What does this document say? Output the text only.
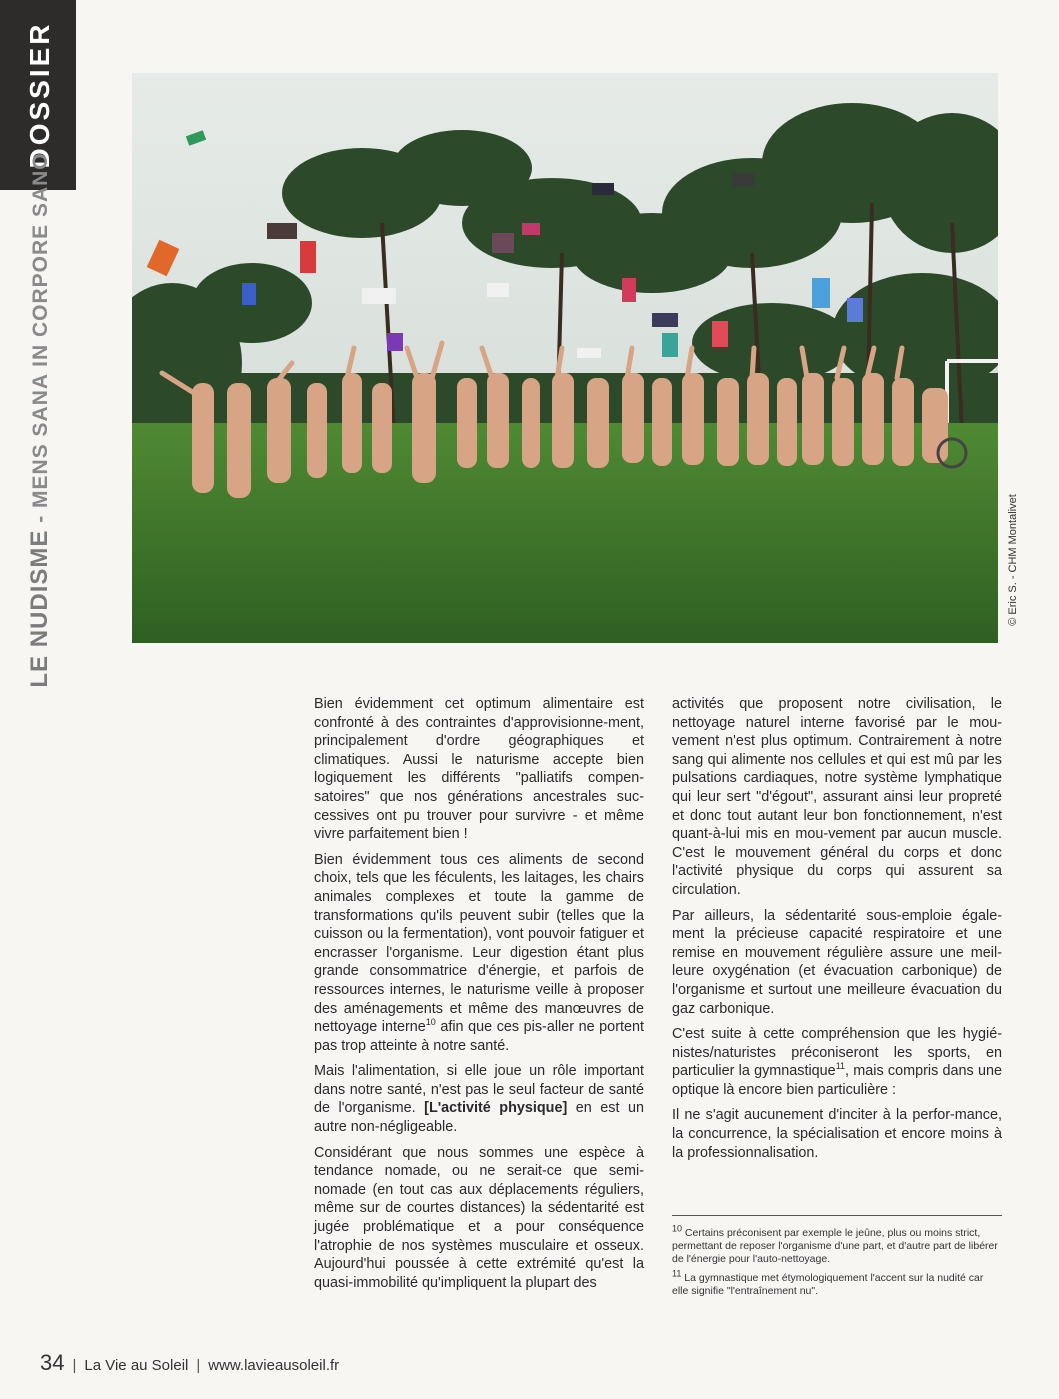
DOSSIER
LE NUDISME - MENS SANA IN CORPORE SANO
© Eric S. - CHM Montalivet

Bien évidemment cet optimum alimentaire est confronté à des contraintes d'approvisionne-ment, principalement d'ordre géographiques et climatiques. Aussi le naturisme accepte bien logiquement les différents "palliatifs compen-satoires" que nos générations ancestrales suc-cessives ont pu trouver pour survivre - et même vivre parfaitement bien !

Bien évidemment tous ces aliments de second choix, tels que les féculents, les laitages, les chairs animales complexes et toute la gamme de transformations qu'ils peuvent subir (telles que la cuisson ou la fermentation), vont pouvoir fatiguer et encrasser l'organisme. Leur digestion étant plus grande consommatrice d'énergie, et parfois de ressources internes, le naturisme veille à proposer des aménagements et même des manœuvres de nettoyage interne$^{10}$ afin que ces pis-aller ne portent pas trop atteinte à notre santé.

Mais l'alimentation, si elle joue un rôle important dans notre santé, n'est pas le seul facteur de santé de l'organisme. [L'activité physique] en est un autre non-négligeable.

Considérant que nous sommes une espèce à tendance nomade, ou ne serait-ce que semi-nomade (en tout cas aux déplacements réguliers, même sur de courtes distances) la sédentarité est jugée problématique et a pour conséquence l'atrophie de nos systèmes musculaire et osseux. Aujourd'hui poussée à cette extrémité qu'est la quasi-immobilité qu'impliquent la plupart des

activités que proposent notre civilisation, le nettoyage naturel interne favorisé par le mou-vement n'est plus optimum. Contrairement à notre sang qui alimente nos cellules et qui est mû par les pulsations cardiaques, notre système lymphatique qui leur sert "d'égout", assurant ainsi leur propreté et donc tout autant leur bon fonctionnement, n'est quant-à-lui mis en mou-vement par aucun muscle. C'est le mouvement général du corps et donc l'activité physique du corps qui assurent sa circulation.

Par ailleurs, la sédentarité sous-emploie égale-ment la précieuse capacité respiratoire et une remise en mouvement régulière assure une meil-leure oxygénation (et évacuation carbonique) de l'organisme et surtout une meilleure évacuation du gaz carbonique.

C'est suite à cette compréhension que les hygié-nistes/naturistes préconiseront les sports, en particulier la gymnastique$^{11}$, mais compris dans une optique là encore bien particulière :

Il ne s'agit aucunement d'inciter à la perfor-mance, la concurrence, la spécialisation et encore moins à la professionnalisation.

$^{10}$ Certains préconisent par exemple le jeûne, plus ou moins strict, permettant de reposer l'organisme d'une part, et d'autre part de libérer de l'énergie pour l'auto-nettoyage.
$^{11}$ La gymnastique met étymologiquement l'accent sur la nudité car elle signifie "l'entraînement nu".
34 | La Vie au Soleil | www.lavieausoleil.fr
